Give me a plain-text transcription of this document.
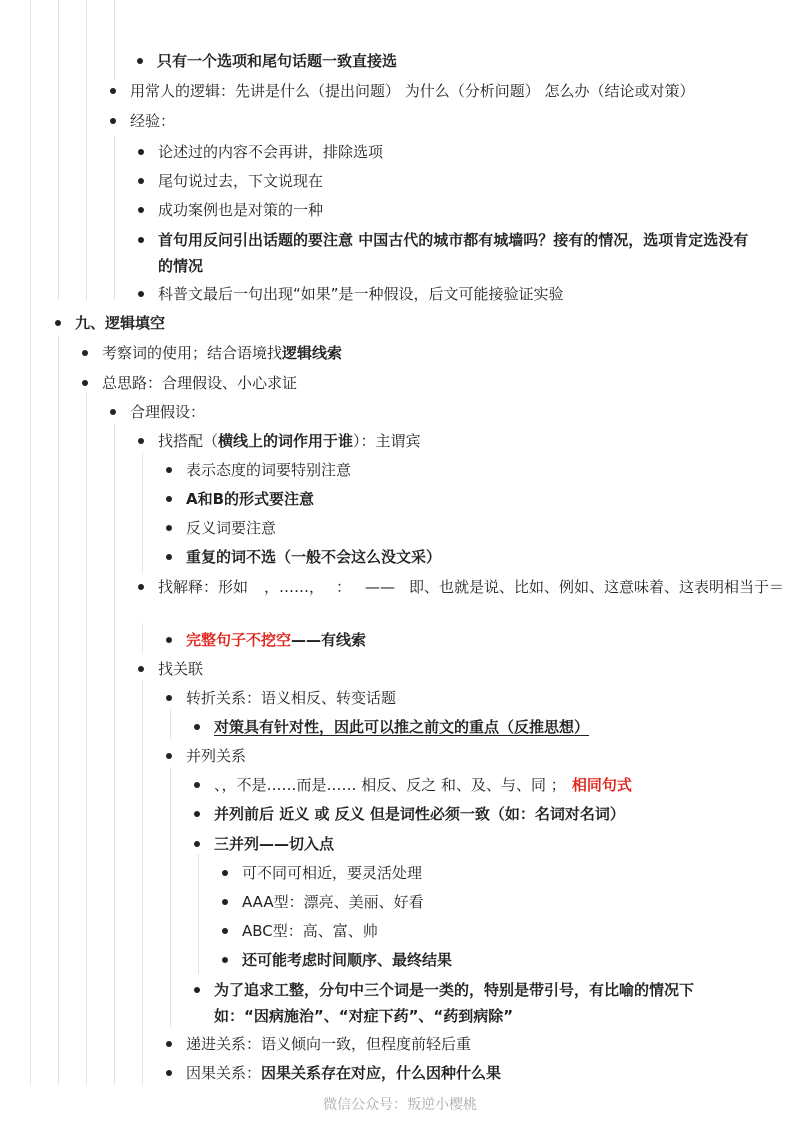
只有一个选项和尾句话题一致直接选
用常人的逻辑：先讲是什么（提出问题） 为什么（分析问题） 怎么办（结论或对策）
经验：
论述过的内容不会再讲，排除选项
尾句说过去，下文说现在
成功案例也是对策的一种
首句用反问引出话题的要注意 中国古代的城市都有城墙吗？接有的情况，选项肯定选没有的情况
科普文最后一句出现“如果”是一种假设，后文可能接验证实验
九、逻辑填空
考察词的使用；结合语境找逻辑线索
总思路：合理假设、小心求证
合理假设：
找搭配（横线上的词作用于谁）：主谓宾
表示态度的词要特别注意
A和B的形式要注意
反义词要注意
重复的词不选（一般不会这么没文采）
找解释：形如 ，……， ： —— 即、也就是说、比如、例如、这意味着、这表明相当于＝
完整句子不挖空——有线索
找关联
转折关系：语义相反、转变话题
对策具有针对性，因此可以推之前文的重点（反推思想）
并列关系
、，不是……而是…… 相反、反之 和、及、与、同 ； 相同句式
并列前后 近义 或 反义 但是词性必须一致（如：名词对名词）
三并列——切入点
可不同可相近，要灵活处理
AAA型：漂亮、美丽、好看
ABC型：高、富、帅
还可能考虑时间顺序、最终结果
为了追求工整，分句中三个词是一类的，特别是带引号，有比喻的情况下如：“因病施治”、“对症下药”、“药到病除”
递进关系：语义倾向一致，但程度前轻后重
因果关系：因果关系存在对应，什么因种什么果
微信公众号：叛逆小樱桃
